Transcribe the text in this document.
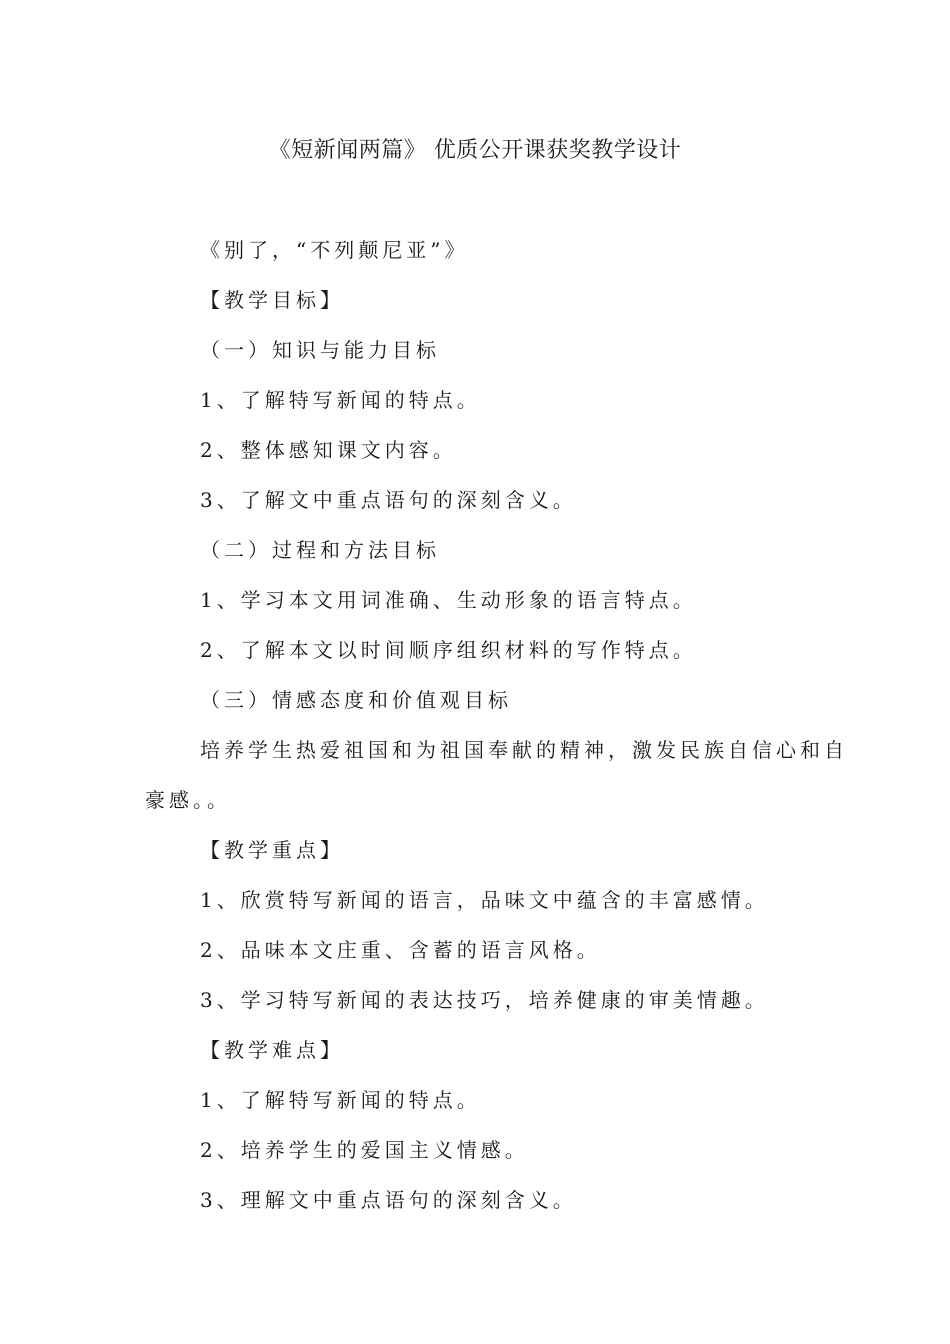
《短新闻两篇》 优质公开课获奖教学设计
《别了，“不列颠尼亚”》
【教学目标】
（一）知识与能力目标
1、了解特写新闻的特点。
2、整体感知课文内容。
3、了解文中重点语句的深刻含义。
（二）过程和方法目标
1、学习本文用词准确、生动形象的语言特点。
2、了解本文以时间顺序组织材料的写作特点。
（三）情感态度和价值观目标
培养学生热爱祖国和为祖国奉献的精神，激发民族自信心和自
豪感。。
【教学重点】
1、欣赏特写新闻的语言，品味文中蕴含的丰富感情。
2、品味本文庄重、含蓄的语言风格。
3、学习特写新闻的表达技巧，培养健康的审美情趣。
【教学难点】
1、了解特写新闻的特点。
2、培养学生的爱国主义情感。
3、理解文中重点语句的深刻含义。
